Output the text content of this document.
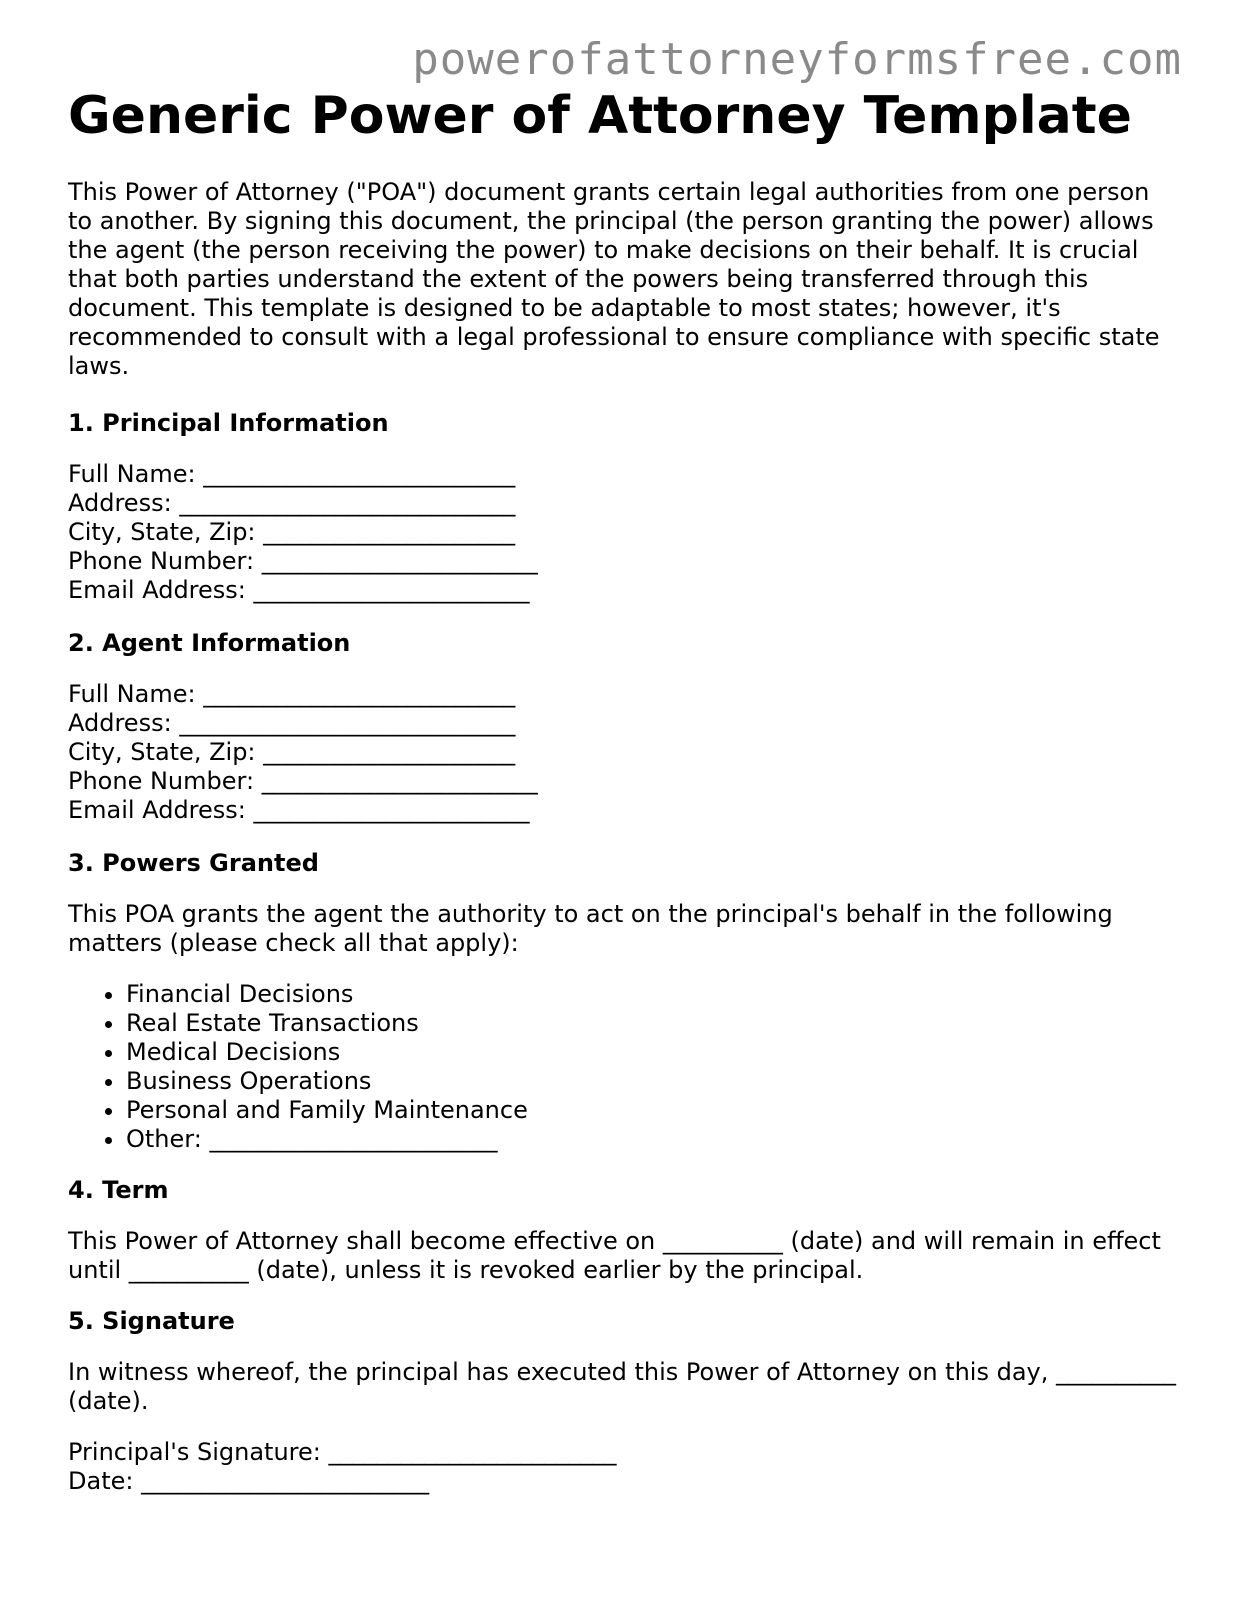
powerofattorneyformsfree.com
Generic Power of Attorney Template

This Power of Attorney ("POA") document grants certain legal authorities from one person to another. By signing this document, the principal (the person granting the power) allows the agent (the person receiving the power) to make decisions on their behalf. It is crucial that both parties understand the extent of the powers being transferred through this document. This template is designed to be adaptable to most states; however, it's recommended to consult with a legal professional to ensure compliance with specific state laws.

1. Principal Information
Full Name: __________________________
Address: ____________________________
City, State, Zip: _____________________
Phone Number: _______________________
Email Address: _______________________
2. Agent Information
Full Name: __________________________
Address: ____________________________
City, State, Zip: _____________________
Phone Number: _______________________
Email Address: _______________________
3. Powers Granted

This POA grants the agent the authority to act on the principal's behalf in the following matters (please check all that apply):

• Financial Decisions
• Real Estate Transactions
• Medical Decisions
• Business Operations
• Personal and Family Maintenance
• Other: ________________________
4. Term

This Power of Attorney shall become effective on __________ (date) and will remain in effect until __________ (date), unless it is revoked earlier by the principal.

5. Signature

In witness whereof, the principal has executed this Power of Attorney on this day, __________ (date).

Principal's Signature: ________________________
Date: ________________________
